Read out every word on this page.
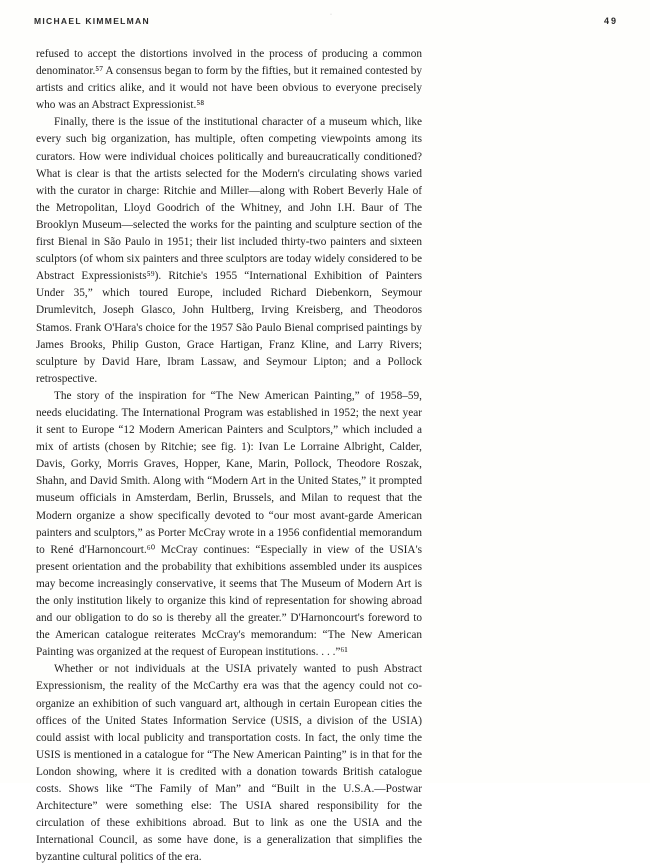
MICHAEL KIMMELMAN	49
·

refused to accept the distortions involved in the process of producing a common denominator.⁵⁷ A consensus began to form by the fifties, but it remained contested by artists and critics alike, and it would not have been obvious to everyone precisely who was an Abstract Expressionist.⁵⁸

Finally, there is the issue of the institutional character of a museum which, like every such big organization, has multiple, often competing viewpoints among its curators. How were individual choices politically and bureaucratically conditioned? What is clear is that the artists selected for the Modern's circulating shows varied with the curator in charge: Ritchie and Miller—along with Robert Beverly Hale of the Metropolitan, Lloyd Goodrich of the Whitney, and John I.H. Baur of The Brooklyn Museum—selected the works for the painting and sculpture section of the first Bienal in São Paulo in 1951; their list included thirty-two painters and sixteen sculptors (of whom six painters and three sculptors are today widely considered to be Abstract Expressionists⁵⁹). Ritchie's 1955 “International Exhibition of Painters Under 35,” which toured Europe, included Richard Diebenkorn, Seymour Drumlevitch, Joseph Glasco, John Hultberg, Irving Kreisberg, and Theodoros Stamos. Frank O'Hara's choice for the 1957 São Paulo Bienal comprised paintings by James Brooks, Philip Guston, Grace Hartigan, Franz Kline, and Larry Rivers; sculpture by David Hare, Ibram Lassaw, and Seymour Lipton; and a Pollock retrospective.

The story of the inspiration for “The New American Painting,” of 1958–59, needs elucidating. The International Program was established in 1952; the next year it sent to Europe “12 Modern American Painters and Sculptors,” which included a mix of artists (chosen by Ritchie; see fig. 1): Ivan Le Lorraine Albright, Calder, Davis, Gorky, Morris Graves, Hopper, Kane, Marin, Pollock, Theodore Roszak, Shahn, and David Smith. Along with “Modern Art in the United States,” it prompted museum officials in Amsterdam, Berlin, Brussels, and Milan to request that the Modern organize a show specifically devoted to “our most avant-garde American painters and sculptors,” as Porter McCray wrote in a 1956 confidential memorandum to René d'Harnoncourt.⁶⁰ McCray continues: “Especially in view of the USIA's present orientation and the probability that exhibitions assembled under its auspices may become increasingly conservative, it seems that The Museum of Modern Art is the only institution likely to organize this kind of representation for showing abroad and our obligation to do so is thereby all the greater.” D'Harnoncourt's foreword to the American catalogue reiterates McCray's memorandum: “The New American Painting was organized at the request of European institutions. . . .”⁶¹

Whether or not individuals at the USIA privately wanted to push Abstract Expressionism, the reality of the McCarthy era was that the agency could not co-organize an exhibition of such vanguard art, although in certain European cities the offices of the United States Information Service (USIS, a division of the USIA) could assist with local publicity and transportation costs. In fact, the only time the USIS is mentioned in a catalogue for “The New American Painting” is in that for the London showing, where it is credited with a donation towards British catalogue costs. Shows like “The Family of Man” and “Built in the U.S.A.—Postwar Architecture” were something else: The USIA shared responsibility for the circulation of these exhibitions abroad. But to link as one the USIA and the International Council, as some have done, is a generalization that simplifies the byzantine cultural politics of the era.
